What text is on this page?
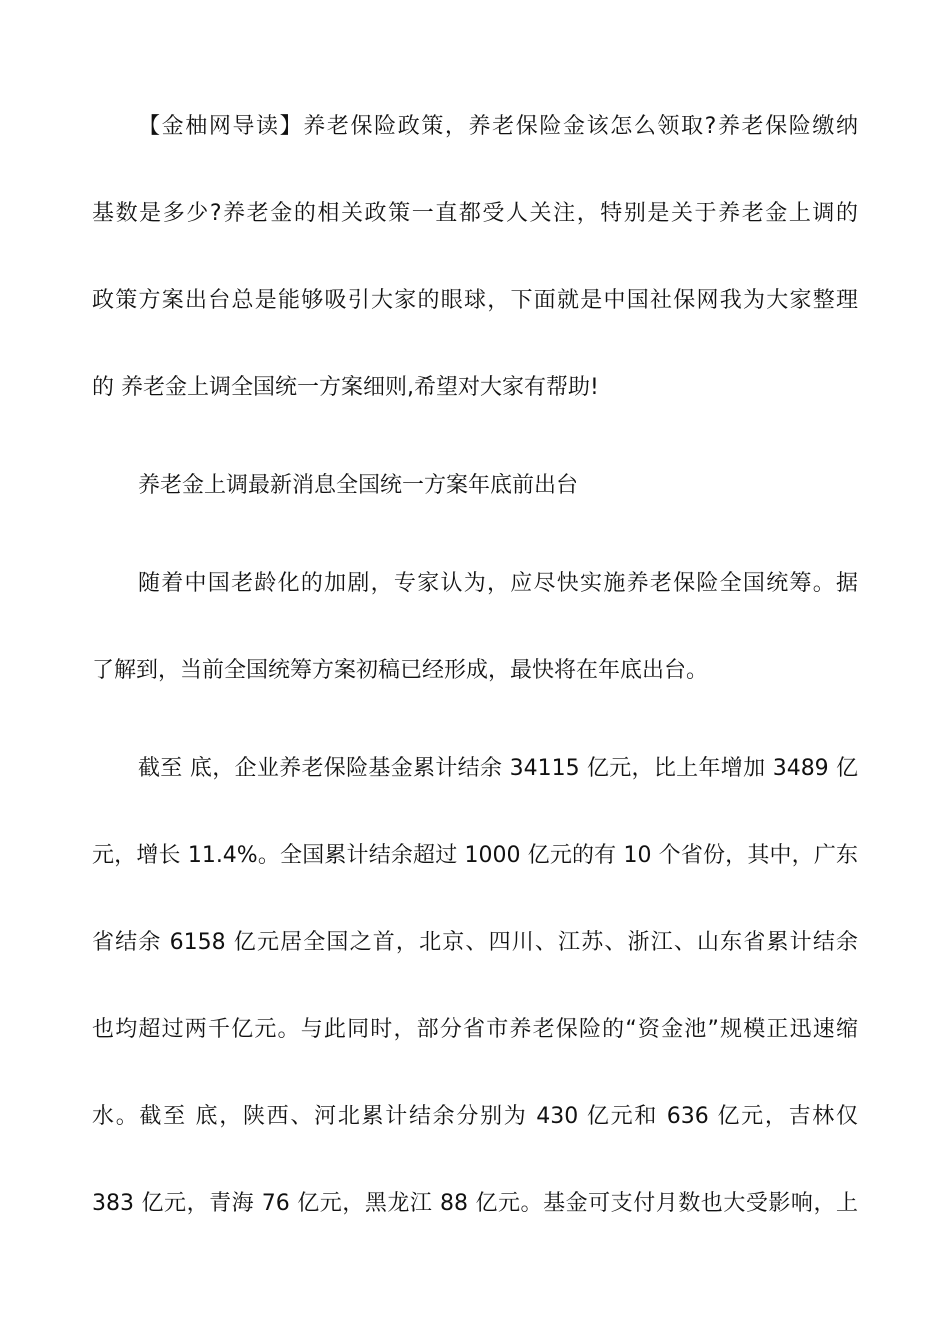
【金柚网导读】养老保险政策，养老保险金该怎么领取?养老保险缴纳
基数是多少?养老金的相关政策一直都受人关注，特别是关于养老金上调的
政策方案出台总是能够吸引大家的眼球，下面就是中国社保网我为大家整理
的 养老金上调全国统一方案细则,希望对大家有帮助!
养老金上调最新消息全国统一方案年底前出台
随着中国老龄化的加剧，专家认为，应尽快实施养老保险全国统筹。据
了解到，当前全国统筹方案初稿已经形成，最快将在年底出台。
截至 底，企业养老保险基金累计结余 34115 亿元，比上年增加 3489 亿
元，增长 11.4%。全国累计结余超过 1000 亿元的有 10 个省份，其中，广东
省结余 6158 亿元居全国之首，北京、四川、江苏、浙江、山东省累计结余
也均超过两千亿元。与此同时，部分省市养老保险的“资金池”规模正迅速缩
水。截至 底，陕西、河北累计结余分别为 430 亿元和 636 亿元，吉林仅
383 亿元，青海 76 亿元，黑龙江 88 亿元。基金可支付月数也大受影响，上
